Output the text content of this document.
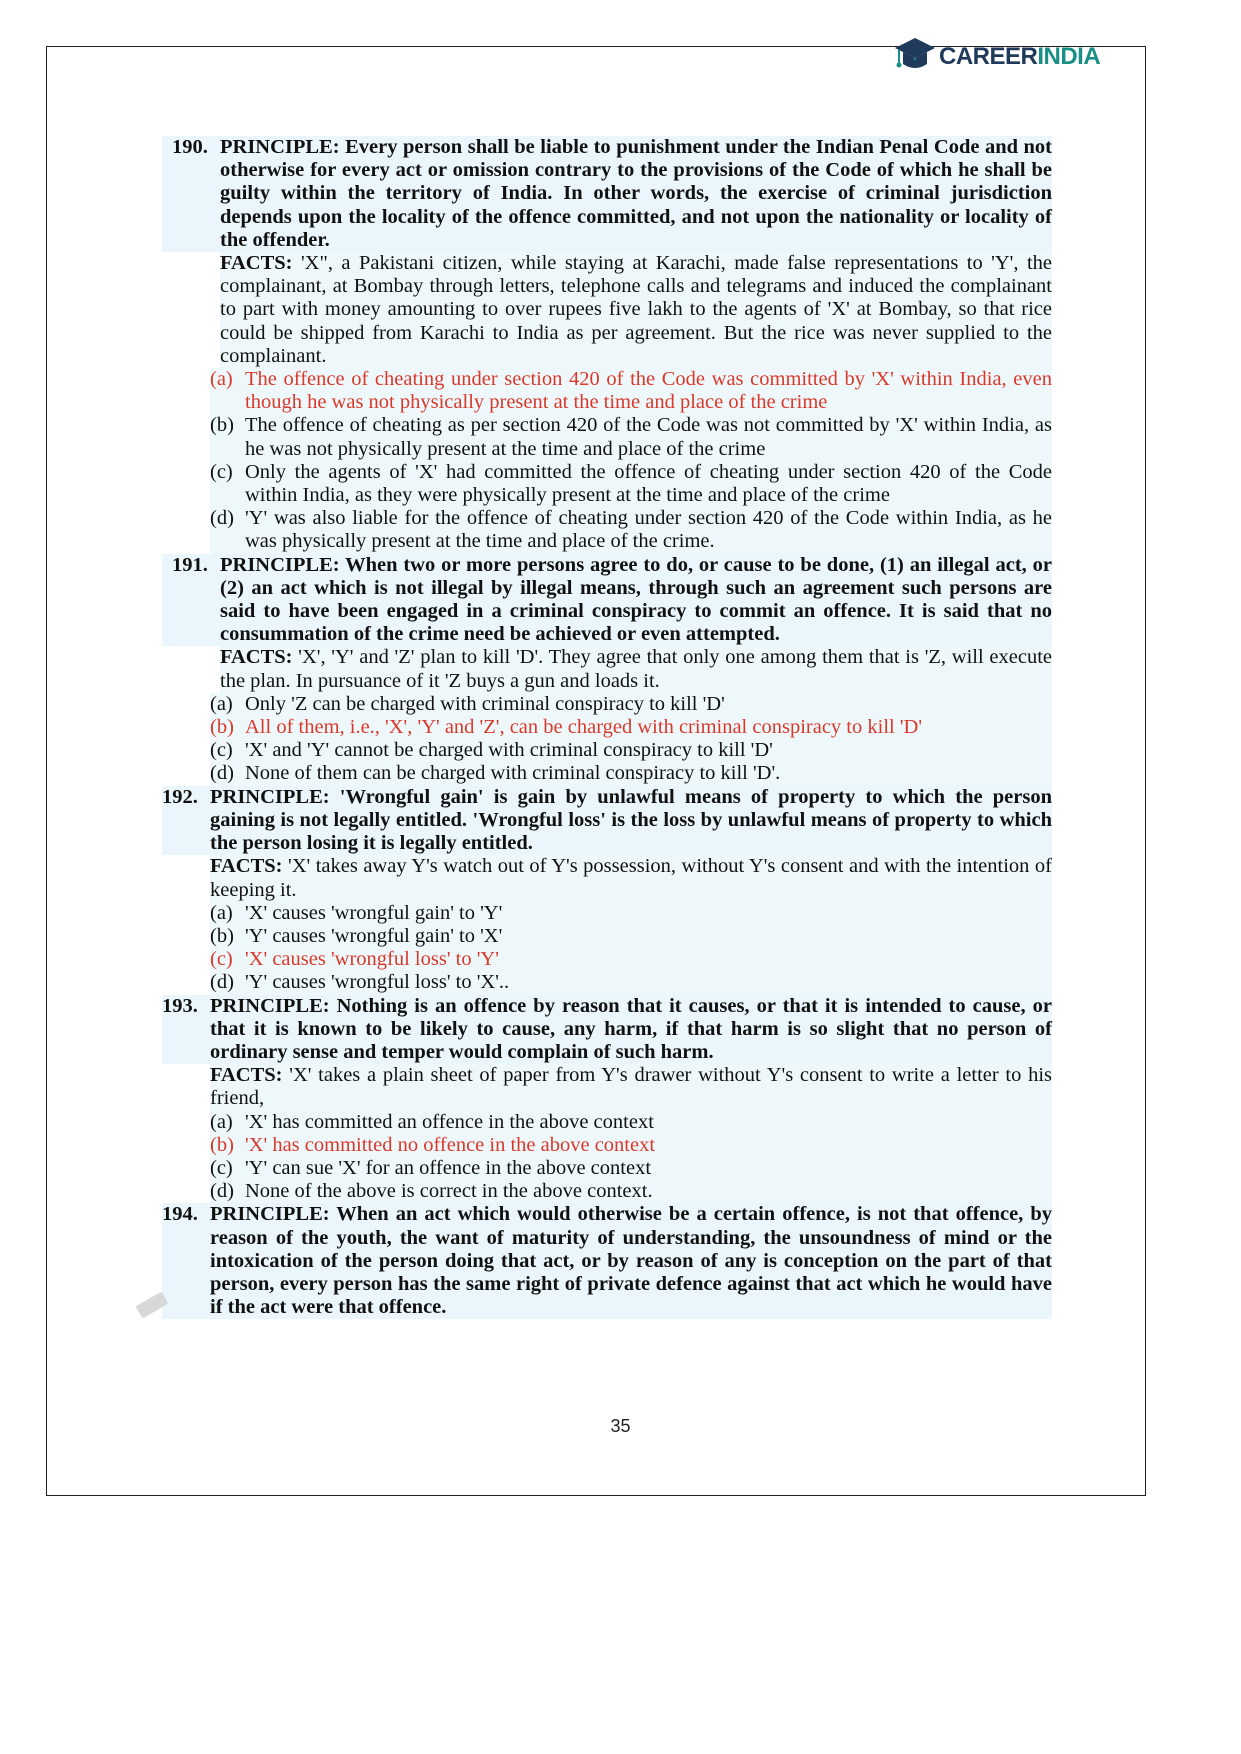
CAREERINDIA
190. PRINCIPLE: Every person shall be liable to punishment under the Indian Penal Code and not otherwise for every act or omission contrary to the provisions of the Code of which he shall be guilty within the territory of India. In other words, the exercise of criminal jurisdiction depends upon the locality of the offence committed, and not upon the nationality or locality of the offender.
FACTS: 'X", a Pakistani citizen, while staying at Karachi, made false representations to 'Y', the complainant, at Bombay through letters, telephone calls and telegrams and induced the complainant to part with money amounting to over rupees five lakh to the agents of 'X' at Bombay, so that rice could be shipped from Karachi to India as per agreement. But the rice was never supplied to the complainant.
(a) The offence of cheating under section 420 of the Code was committed by 'X' within India, even though he was not physically present at the time and place of the crime
(b) The offence of cheating as per section 420 of the Code was not committed by 'X' within India, as he was not physically present at the time and place of the crime
(c) Only the agents of 'X' had committed the offence of cheating under section 420 of the Code within India, as they were physically present at the time and place of the crime
(d) 'Y' was also liable for the offence of cheating under section 420 of the Code within India, as he was physically present at the time and place of the crime.
191. PRINCIPLE: When two or more persons agree to do, or cause to be done, (1) an illegal act, or (2) an act which is not illegal by illegal means, through such an agreement such persons are said to have been engaged in a criminal conspiracy to commit an offence. It is said that no consummation of the crime need be achieved or even attempted.
FACTS: 'X', 'Y' and 'Z' plan to kill 'D'. They agree that only one among them that is 'Z, will execute the plan. In pursuance of it 'Z buys a gun and loads it.
(a) Only 'Z can be charged with criminal conspiracy to kill 'D'
(b) All of them, i.e., 'X', 'Y' and 'Z', can be charged with criminal conspiracy to kill 'D'
(c) 'X' and 'Y' cannot be charged with criminal conspiracy to kill 'D'
(d) None of them can be charged with criminal conspiracy to kill 'D'.
192. PRINCIPLE: 'Wrongful gain' is gain by unlawful means of property to which the person gaining is not legally entitled. 'Wrongful loss' is the loss by unlawful means of property to which the person losing it is legally entitled.
FACTS: 'X' takes away Y's watch out of Y's possession, without Y's consent and with the intention of keeping it.
(a) 'X' causes 'wrongful gain' to 'Y'
(b) 'Y' causes 'wrongful gain' to 'X'
(c) 'X' causes 'wrongful loss' to 'Y'
(d) 'Y' causes 'wrongful loss' to 'X'..
193. PRINCIPLE: Nothing is an offence by reason that it causes, or that it is intended to cause, or that it is known to be likely to cause, any harm, if that harm is so slight that no person of ordinary sense and temper would complain of such harm.
FACTS: 'X' takes a plain sheet of paper from Y's drawer without Y's consent to write a letter to his friend,
(a) 'X' has committed an offence in the above context
(b) 'X' has committed no offence in the above context
(c) 'Y' can sue 'X' for an offence in the above context
(d) None of the above is correct in the above context.
194. PRINCIPLE: When an act which would otherwise be a certain offence, is not that offence, by reason of the youth, the want of maturity of understanding, the unsoundness of mind or the intoxication of the person doing that act, or by reason of any is conception on the part of that person, every person has the same right of private defence against that act which he would have if the act were that offence.
35
